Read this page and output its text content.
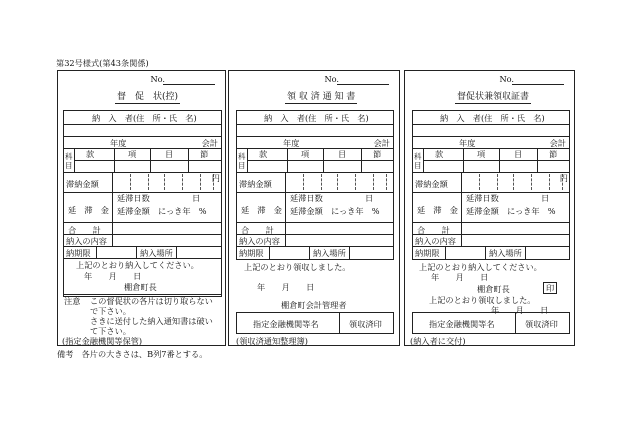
第32号様式(第43条関係)
No.
督　促　状(控)
納　入　者(住　所・氏　名)
年度	会計
科目
款	項	目	節
滞納金額
円
延　滞　金
延滞日数	日
延滞金額　にっき年　%
合　　計
納入の内容
納期限	納入場所
上記のとおり納入してください。
年　　月　　日
棚倉町長
注意 この督促状の各片は切り取らない
で下さい。
さきに送付した納入通知書は破い
て下さい。
(指定金融機関等保管)
No.
領 収 済 通 知 書
納　入　者(住　所・氏　名)
年度	会計
科目
款	項	目	節
滞納金額
延　滞　金
延滞日数	日
延滞金額　にっき年　%
合　　計
納入の内容
納期限	納入場所
上記のとおり領収しました。
年　　月　　日
棚倉町会計管理者
指定金融機関等名	領収済印
(領収済通知整理簿)
No.
督促状兼領収証書
納　入　者(住　所・氏　名)
年度	会計
科目
款	項	目	節
滞納金額
円
延　滞　金
延滞日数	日
延滞金額　にっき年　%
合　　計
納入の内容
納期限	納入場所
上記のとおり納入してください。
年　　月　　日
棚倉町長	印
上記のとおり領収しました。
年　　月　　日
指定金融機関等名	領収済印
(納入者に交付)
備考　各片の大きさは、B列7番とする。
